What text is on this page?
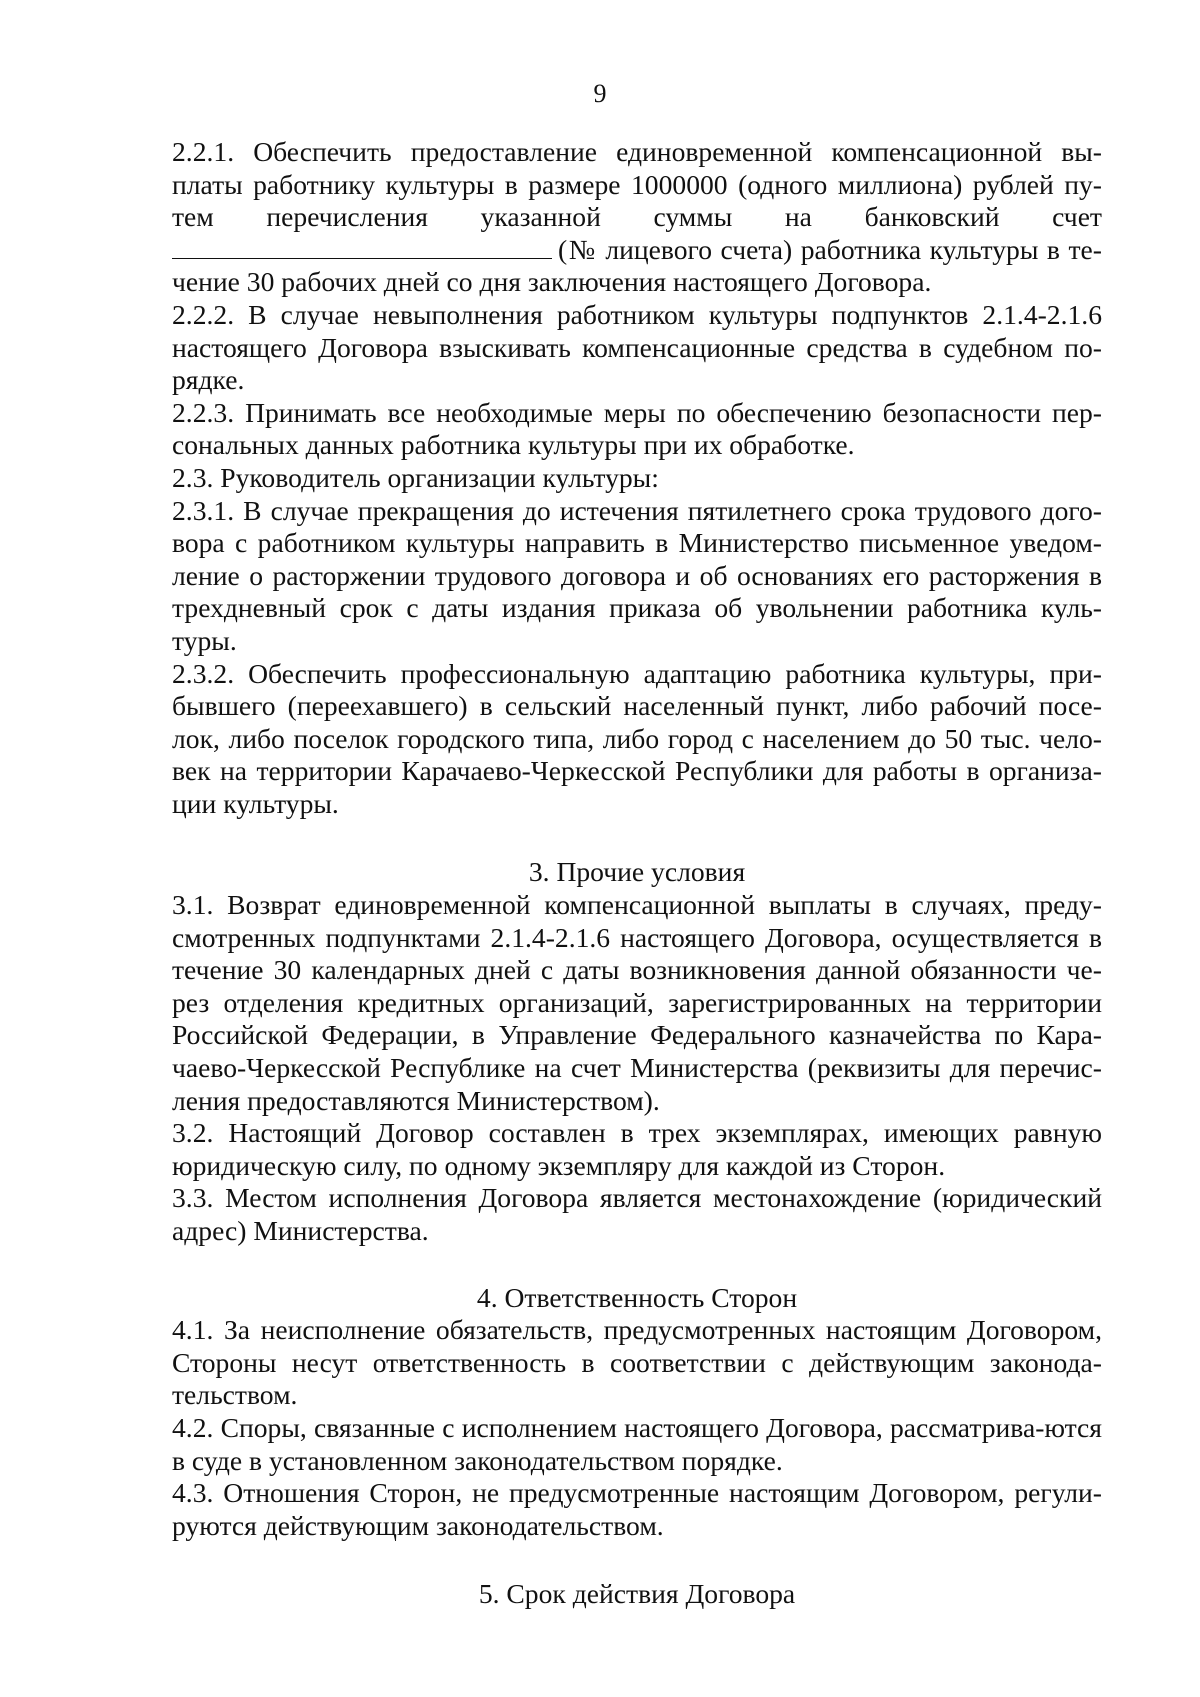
9
2.2.1. Обеспечить предоставление единовременной компенсационной вы-
платы работнику культуры в размере 1000000 (одного миллиона) рублей пу-
тем перечисления указанной суммы на банковский счет
(№ лицевого счета) работника культуры в те-
чение 30 рабочих дней со дня заключения настоящего Договора.
2.2.2. В случае невыполнения работником культуры подпунктов 2.1.4-2.1.6 настоящего Договора взыскивать компенсационные средства в судебном по-рядке.
2.2.3. Принимать все необходимые меры по обеспечению безопасности пер-сональных данных работника культуры при их обработке.
2.3. Руководитель организации культуры:
2.3.1. В случае прекращения до истечения пятилетнего срока трудового дого-вора с работником культуры направить в Министерство письменное уведом-ление о расторжении трудового договора и об основаниях его расторжения в трехдневный срок с даты издания приказа об увольнении работника куль-туры.
2.3.2. Обеспечить профессиональную адаптацию работника культуры, при-бывшего (переехавшего) в сельский населенный пункт, либо рабочий посе-лок, либо поселок городского типа, либо город с населением до 50 тыс. чело-век на территории Карачаево-Черкесской Республики для работы в организа-ции культуры.
3. Прочие условия
3.1. Возврат единовременной компенсационной выплаты в случаях, преду-смотренных подпунктами 2.1.4-2.1.6 настоящего Договора, осуществляется в течение 30 календарных дней с даты возникновения данной обязанности че-рез отделения кредитных организаций, зарегистрированных на территории Российской Федерации, в Управление Федерального казначейства по Кара-чаево-Черкесской Республике на счет Министерства (реквизиты для перечис-ления предоставляются Министерством).
3.2. Настоящий Договор составлен в трех экземплярах, имеющих равную юридическую силу, по одному экземпляру для каждой из Сторон.
3.3. Местом исполнения Договора является местонахождение (юридический адрес) Министерства.
4. Ответственность Сторон
4.1. За неисполнение обязательств, предусмотренных настоящим Договором, Стороны несут ответственность в соответствии с действующим законода-тельством.
4.2. Споры, связанные с исполнением настоящего Договора, рассматрива-ются в суде в установленном законодательством порядке.
4.3. Отношения Сторон, не предусмотренные настоящим Договором, регули-руются действующим законодательством.
5. Срок действия Договора
